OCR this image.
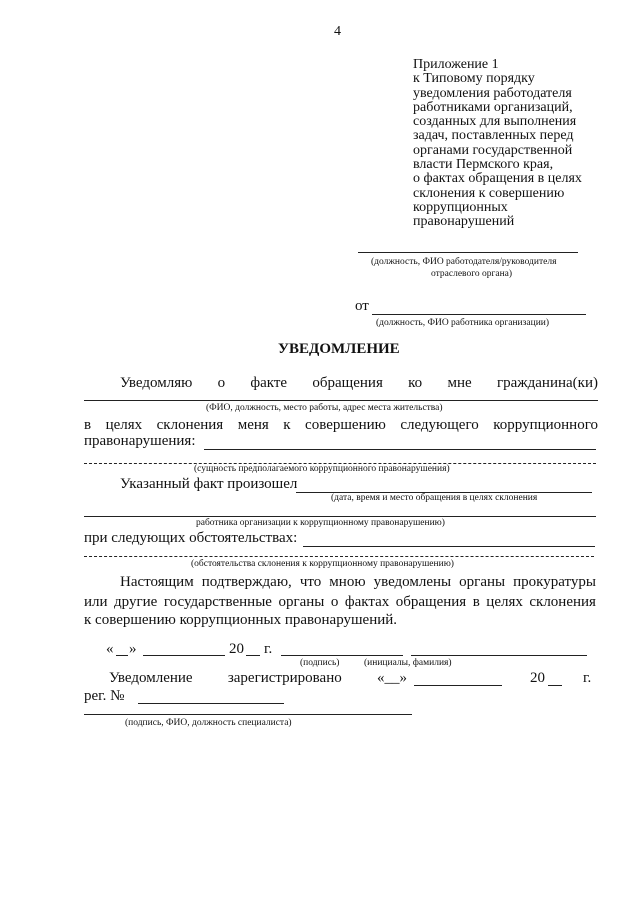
4
Приложение 1
к Типовому порядку
уведомления работодателя
работниками организаций,
созданных для выполнения
задач, поставленных перед
органами государственной
власти Пермского края,
о фактах обращения в целях
склонения к совершению
коррупционных
правонарушений
(должность, ФИО работодателя/руководителя
отраслевого органа)
от
(должность, ФИО работника организации)
УВЕДОМЛЕНИЕ
Уведомляю о факте обращения ко мне гражданина(ки)
(ФИО, должность, место работы, адрес места жительства)
в целях склонения меня к совершению следующего коррупционного
правонарушения:
(сущность предполагаемого коррупционного правонарушения)
Указанный факт произошел
(дата, время и место обращения в целях склонения
работника организации к коррупционному правонарушению)
при следующих обстоятельствах:
(обстоятельства склонения к коррупционному правонарушению)
Настоящим подтверждаю, что мною уведомлены органы прокуратуры
или другие государственные органы о фактах обращения в целях склонения
к совершению коррупционных правонарушений.
« »	20 г.
(подпись)	(инициалы, фамилия)
Уведомление зарегистрировано «__»	20	г.
рег. №
(подпись, ФИО, должность специалиста)
